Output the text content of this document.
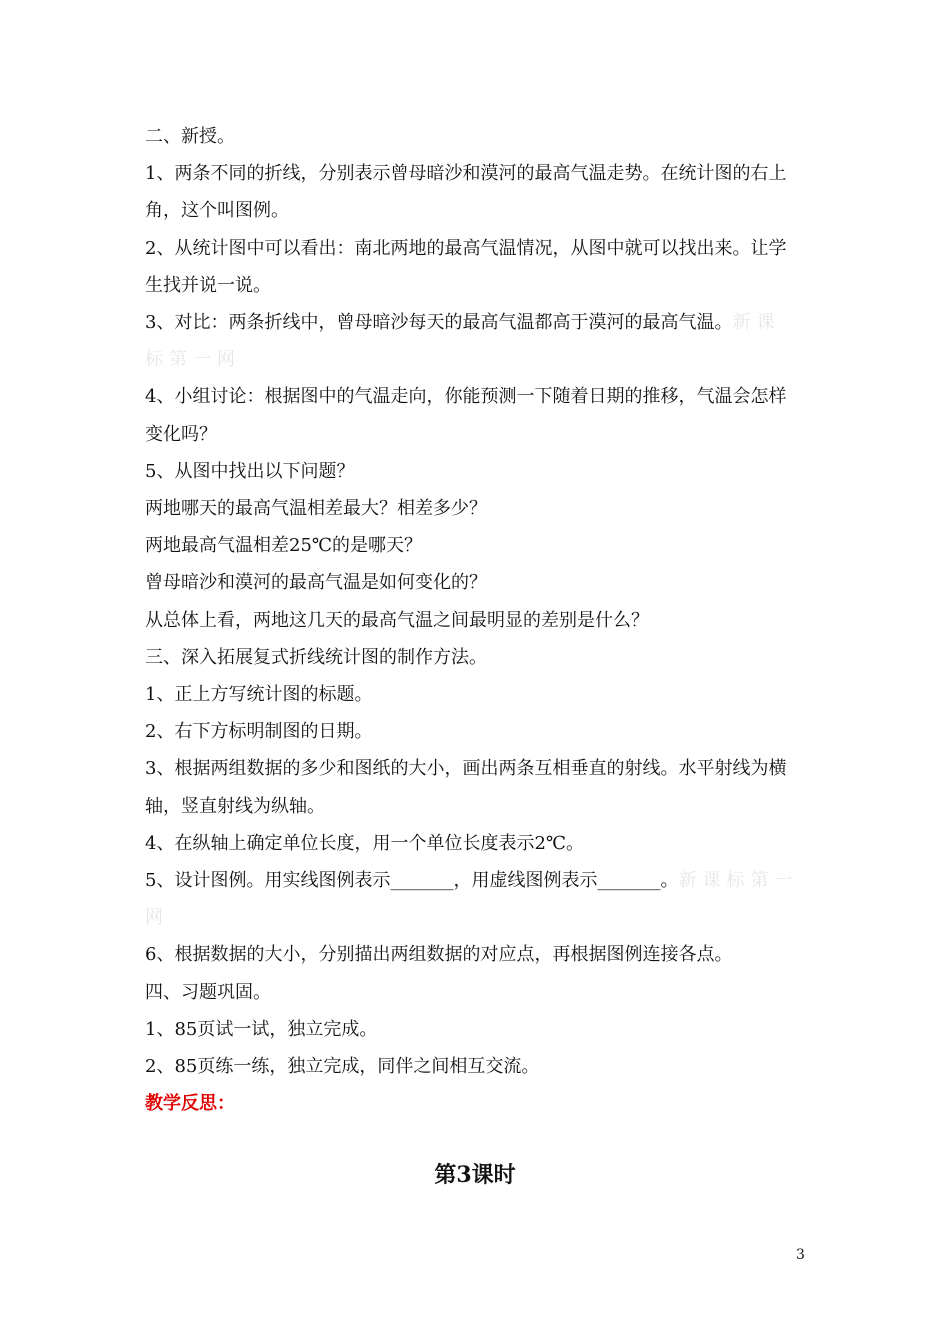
二、新授。
1、两条不同的折线，分别表示曾母暗沙和漠河的最高气温走势。在统计图的右上
角，这个叫图例。
2、从统计图中可以看出：南北两地的最高气温情况，从图中就可以找出来。让学
生找并说一说。
3、对比：两条折线中，曾母暗沙每天的最高气温都高于漠河的最高气温。新课
标第一网
4、小组讨论：根据图中的气温走向，你能预测一下随着日期的推移，气温会怎样
变化吗？
5、从图中找出以下问题？
两地哪天的最高气温相差最大？相差多少？
两地最高气温相差25℃的是哪天？
曾母暗沙和漠河的最高气温是如何变化的？
从总体上看，两地这几天的最高气温之间最明显的差别是什么？
三、深入拓展复式折线统计图的制作方法。
1、正上方写统计图的标题。
2、右下方标明制图的日期。
3、根据两组数据的多少和图纸的大小，画出两条互相垂直的射线。水平射线为横
轴，竖直射线为纵轴。
4、在纵轴上确定单位长度，用一个单位长度表示2℃。
5、设计图例。用实线图例表示_______，用虚线图例表示_______。新课标第一
网
6、根据数据的大小，分别描出两组数据的对应点，再根据图例连接各点。
四、习题巩固。
1、85页试一试，独立完成。
2、85页练一练，独立完成，同伴之间相互交流。
教学反思：
第3课时
3
